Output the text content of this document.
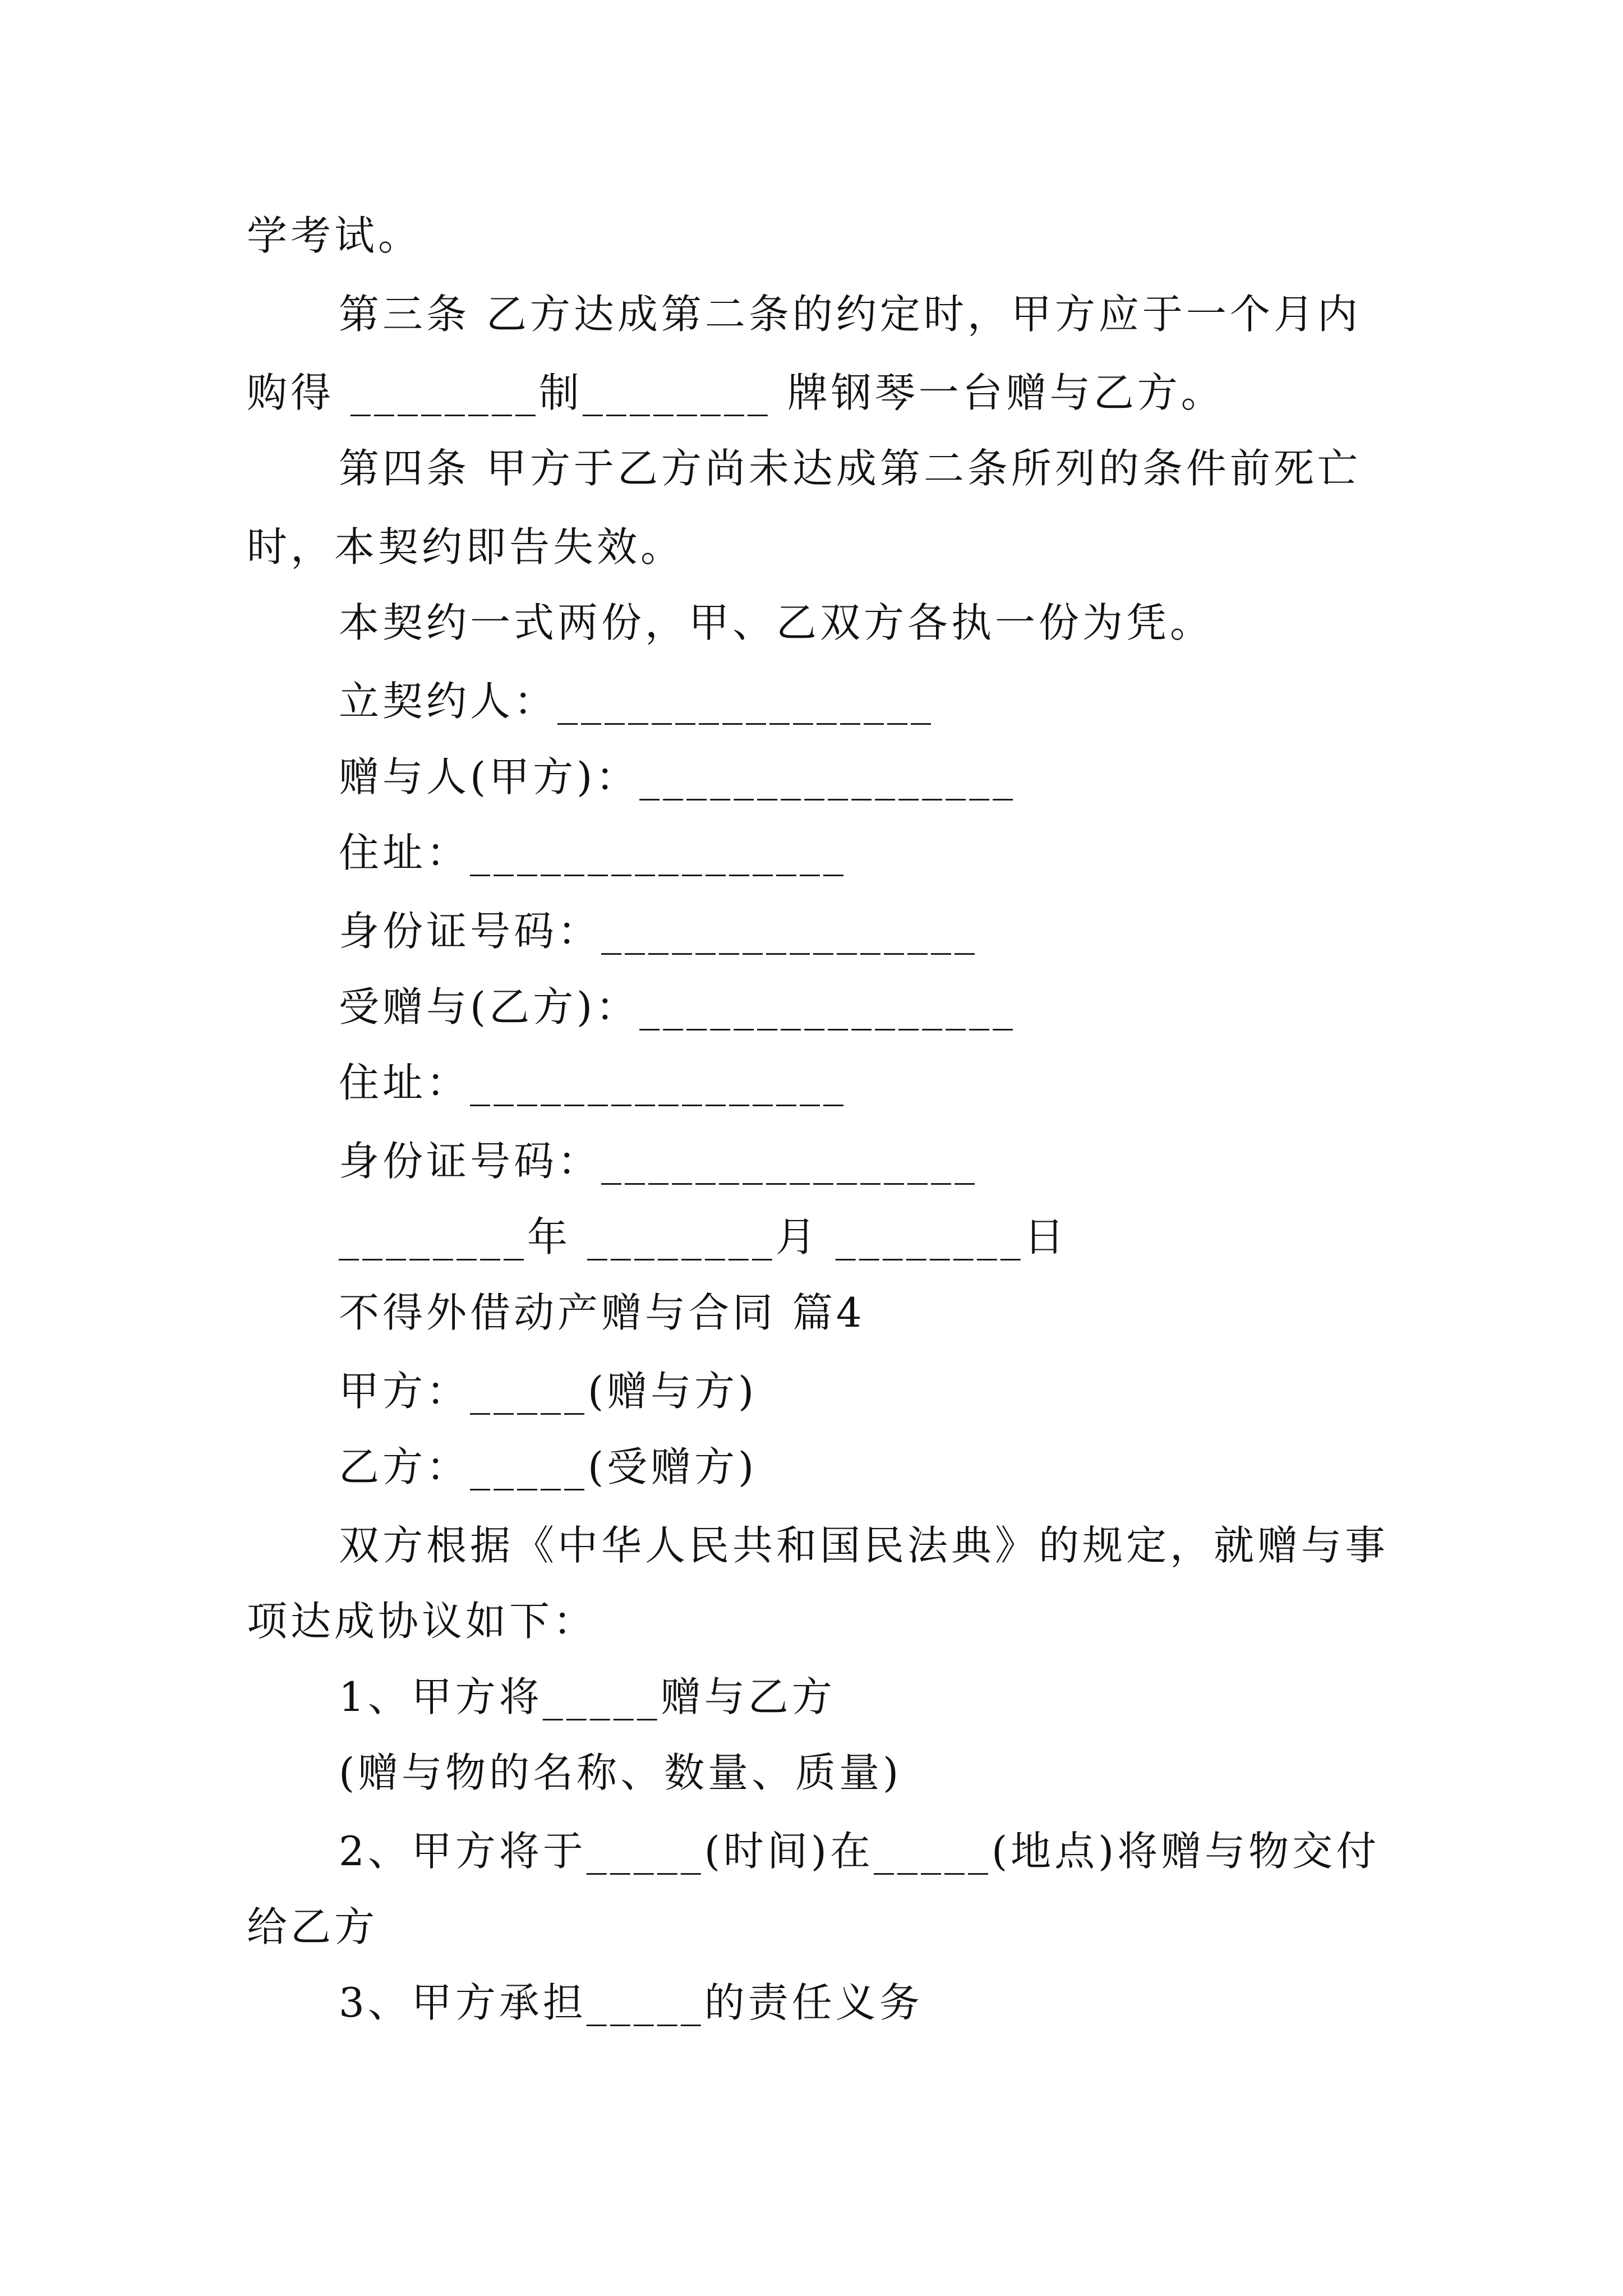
学考试。
第三条 乙方达成第二条的约定时，甲方应于一个月内
购得 ________制________ 牌钢琴一台赠与乙方。
第四条 甲方于乙方尚未达成第二条所列的条件前死亡
时，本契约即告失效。
本契约一式两份，甲、乙双方各执一份为凭。
立契约人：________________
赠与人(甲方)：________________
住址：________________
身份证号码：________________
受赠与(乙方)：________________
住址：________________
身份证号码：________________
________年 ________月 ________日
不得外借动产赠与合同 篇4
甲方：_____(赠与方)
乙方：_____(受赠方)
双方根据《中华人民共和国民法典》的规定，就赠与事
项达成协议如下：
1、甲方将_____赠与乙方
(赠与物的名称、数量、质量)
2、甲方将于_____(时间)在_____(地点)将赠与物交付
给乙方
3、甲方承担_____的责任义务
